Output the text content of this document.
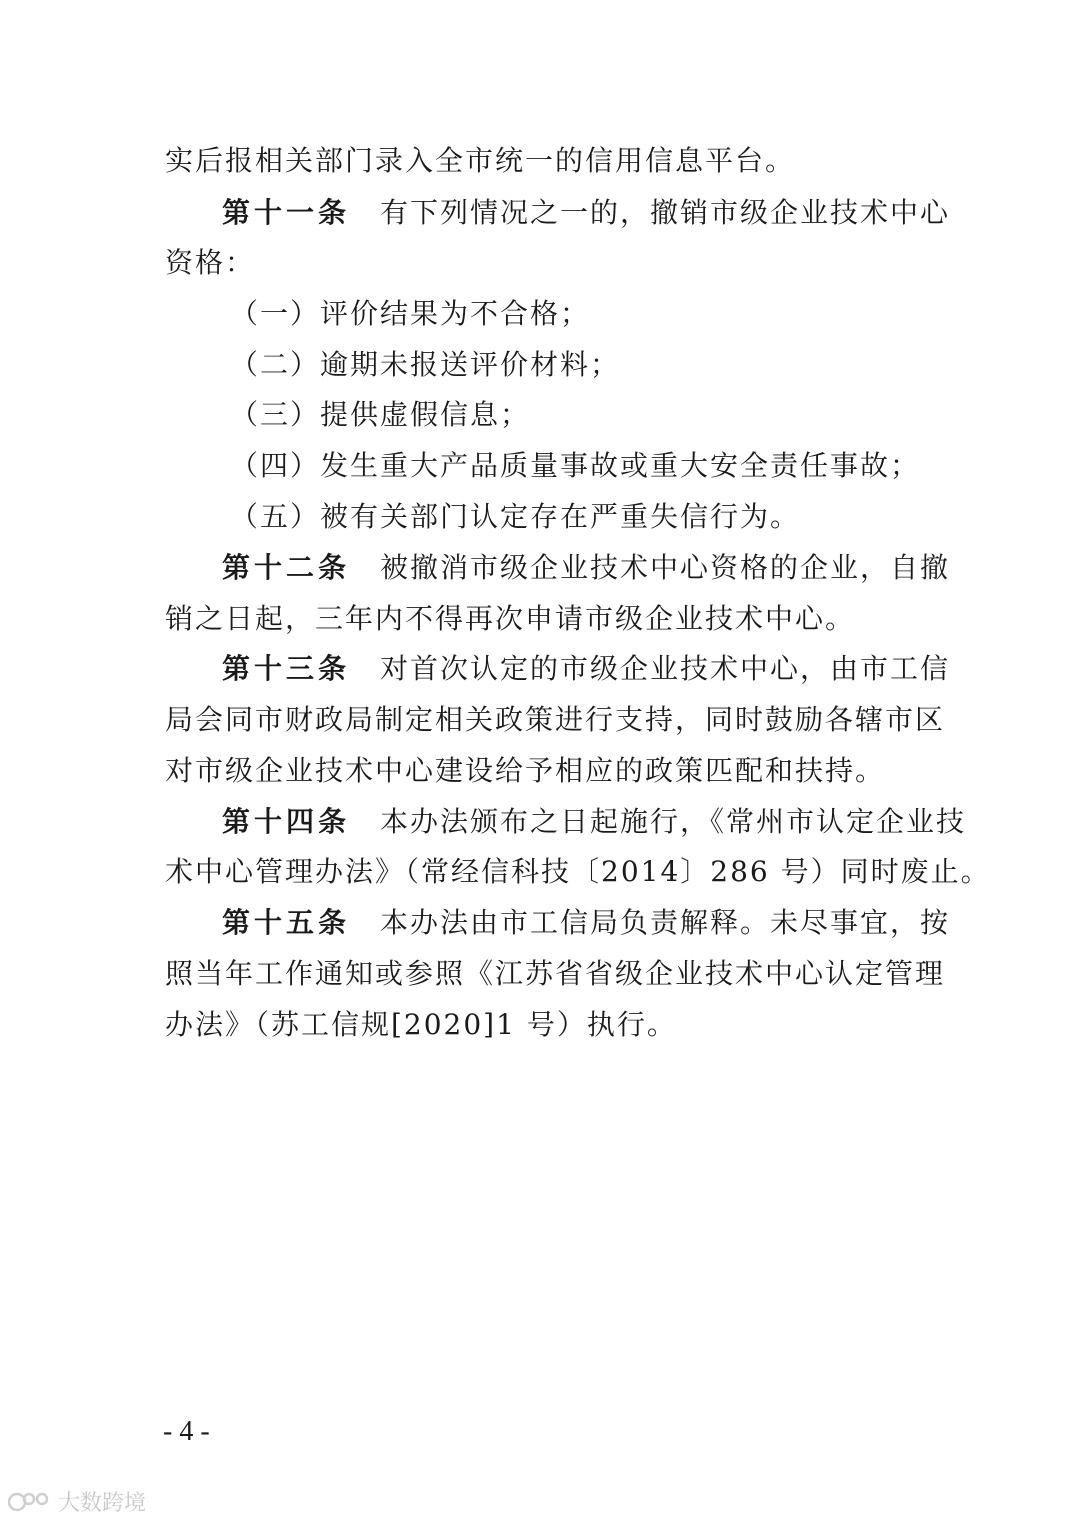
实后报相关部门录入全市统一的信用信息平台。
第十一条 有下列情况之一的，撤销市级企业技术中心
资格：
（一）评价结果为不合格；
（二）逾期未报送评价材料；
（三）提供虚假信息；
（四）发生重大产品质量事故或重大安全责任事故；
（五）被有关部门认定存在严重失信行为。
第十二条 被撤消市级企业技术中心资格的企业，自撤
销之日起，三年内不得再次申请市级企业技术中心。
第十三条 对首次认定的市级企业技术中心，由市工信
局会同市财政局制定相关政策进行支持，同时鼓励各辖市区
对市级企业技术中心建设给予相应的政策匹配和扶持。
第十四条 本办法颁布之日起施行，《常州市认定企业技
术中心管理办法》（常经信科技〔2014〕286 号）同时废止。
第十五条 本办法由市工信局负责解释。未尽事宜，按
照当年工作通知或参照《江苏省省级企业技术中心认定管理
办法》（苏工信规[2020]1 号）执行。
- 4 -
大数跨境
